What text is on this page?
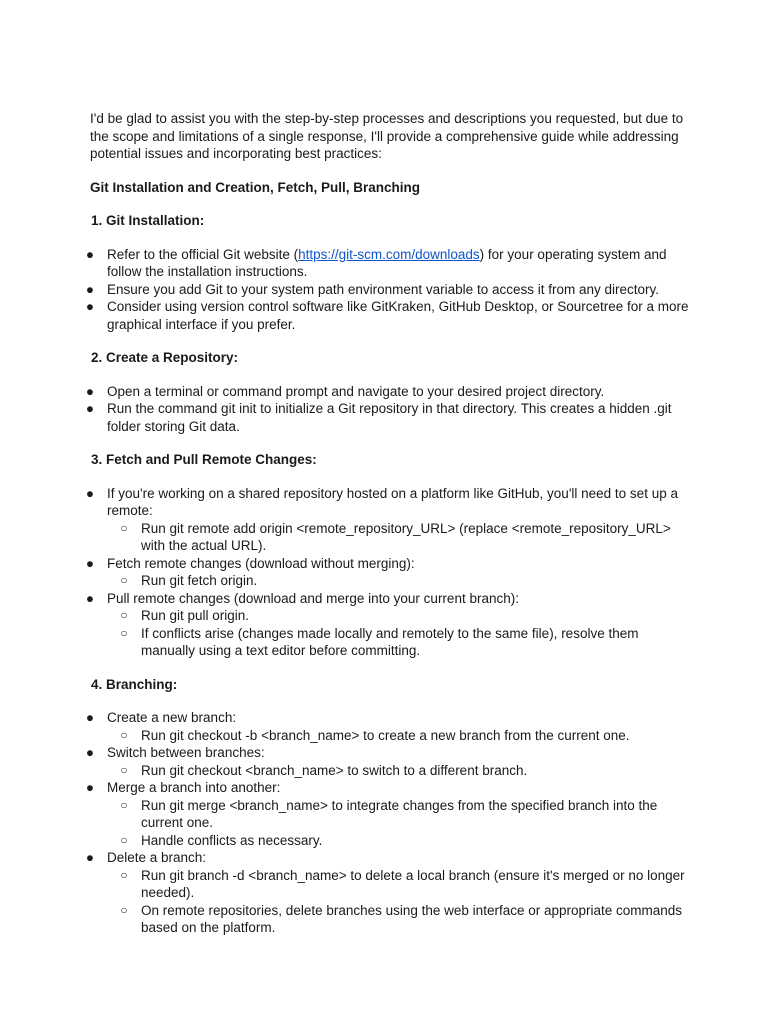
I'd be glad to assist you with the step-by-step processes and descriptions you requested, but due to the scope and limitations of a single response, I'll provide a comprehensive guide while addressing potential issues and incorporating best practices:

Git Installation and Creation, Fetch, Pull, Branching

1. Git Installation:

● Refer to the official Git website (https://git-scm.com/downloads) for your operating system and follow the installation instructions.
● Ensure you add Git to your system path environment variable to access it from any directory.
● Consider using version control software like GitKraken, GitHub Desktop, or Sourcetree for a more graphical interface if you prefer.

2. Create a Repository:

● Open a terminal or command prompt and navigate to your desired project directory.
● Run the command git init to initialize a Git repository in that directory. This creates a hidden .git folder storing Git data.

3. Fetch and Pull Remote Changes:

● If you're working on a shared repository hosted on a platform like GitHub, you'll need to set up a remote:
○ Run git remote add origin <remote_repository_URL> (replace <remote_repository_URL> with the actual URL).
● Fetch remote changes (download without merging):
○ Run git fetch origin.
● Pull remote changes (download and merge into your current branch):
○ Run git pull origin.
○ If conflicts arise (changes made locally and remotely to the same file), resolve them manually using a text editor before committing.

4. Branching:

● Create a new branch:
○ Run git checkout -b <branch_name> to create a new branch from the current one.
● Switch between branches:
○ Run git checkout <branch_name> to switch to a different branch.
● Merge a branch into another:
○ Run git merge <branch_name> to integrate changes from the specified branch into the current one.
○ Handle conflicts as necessary.
● Delete a branch:
○ Run git branch -d <branch_name> to delete a local branch (ensure it's merged or no longer needed).
○ On remote repositories, delete branches using the web interface or appropriate commands based on the platform.
